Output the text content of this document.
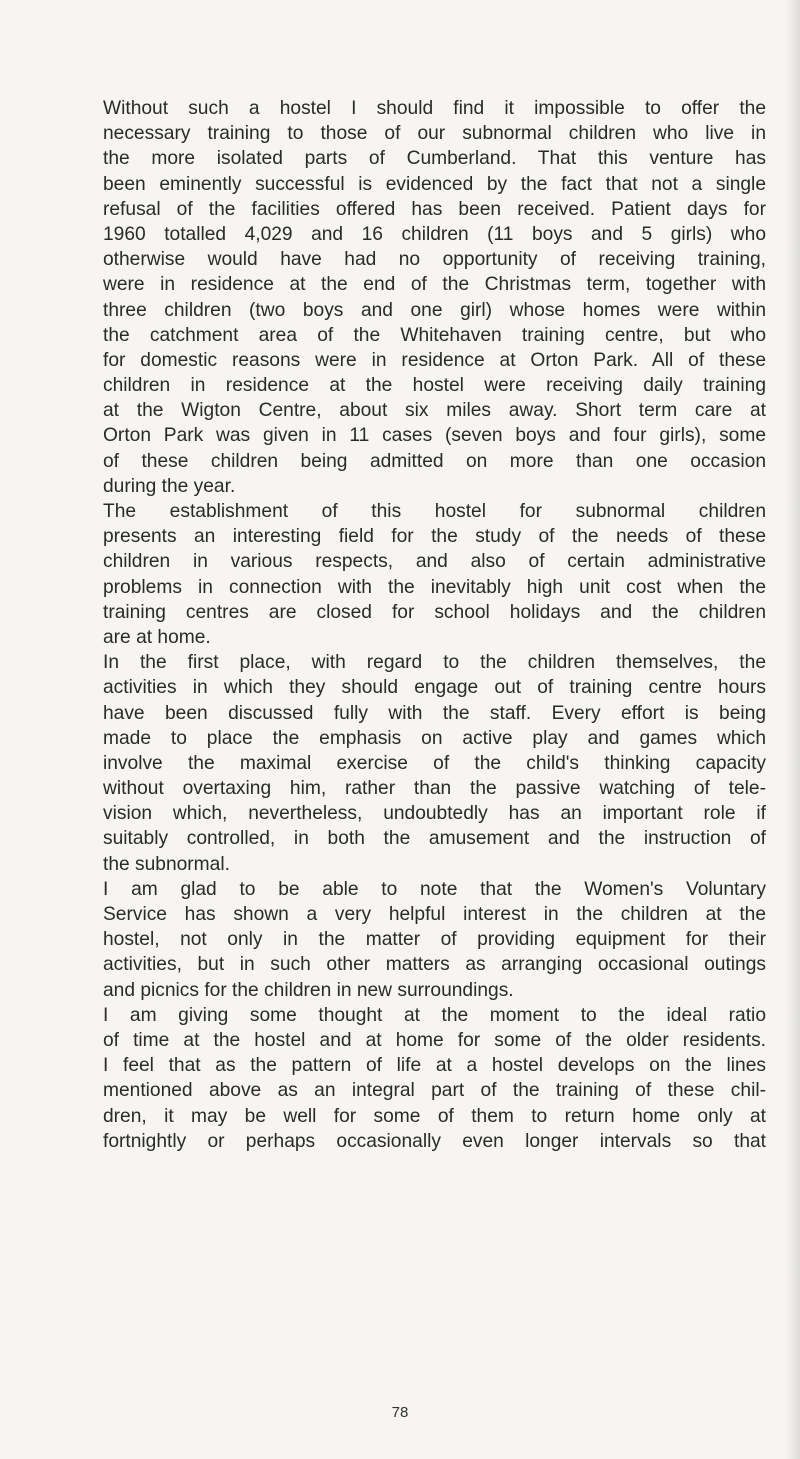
Without such a hostel I should find it impossible to offer the
necessary training to those of our subnormal children who live in
the more isolated parts of Cumberland. That this venture has
been eminently successful is evidenced by the fact that not a single
refusal of the facilities offered has been received. Patient days for
1960 totalled 4,029 and 16 children (11 boys and 5 girls) who
otherwise would have had no opportunity of receiving training,
were in residence at the end of the Christmas term, together with
three children (two boys and one girl) whose homes were within
the catchment area of the Whitehaven training centre, but who
for domestic reasons were in residence at Orton Park. All of these
children in residence at the hostel were receiving daily training
at the Wigton Centre, about six miles away. Short term care at
Orton Park was given in 11 cases (seven boys and four girls), some
of these children being admitted on more than one occasion
during the year.
The establishment of this hostel for subnormal children
presents an interesting field for the study of the needs of these
children in various respects, and also of certain administrative
problems in connection with the inevitably high unit cost when the
training centres are closed for school holidays and the children
are at home.
In the first place, with regard to the children themselves, the
activities in which they should engage out of training centre hours
have been discussed fully with the staff. Every effort is being
made to place the emphasis on active play and games which
involve the maximal exercise of the child's thinking capacity
without overtaxing him, rather than the passive watching of tele-
vision which, nevertheless, undoubtedly has an important role if
suitably controlled, in both the amusement and the instruction of
the subnormal.
I am glad to be able to note that the Women's Voluntary
Service has shown a very helpful interest in the children at the
hostel, not only in the matter of providing equipment for their
activities, but in such other matters as arranging occasional outings
and picnics for the children in new surroundings.
I am giving some thought at the moment to the ideal ratio
of time at the hostel and at home for some of the older residents.
I feel that as the pattern of life at a hostel develops on the lines
mentioned above as an integral part of the training of these chil-
dren, it may be well for some of them to return home only at
fortnightly or perhaps occasionally even longer intervals so that
78
